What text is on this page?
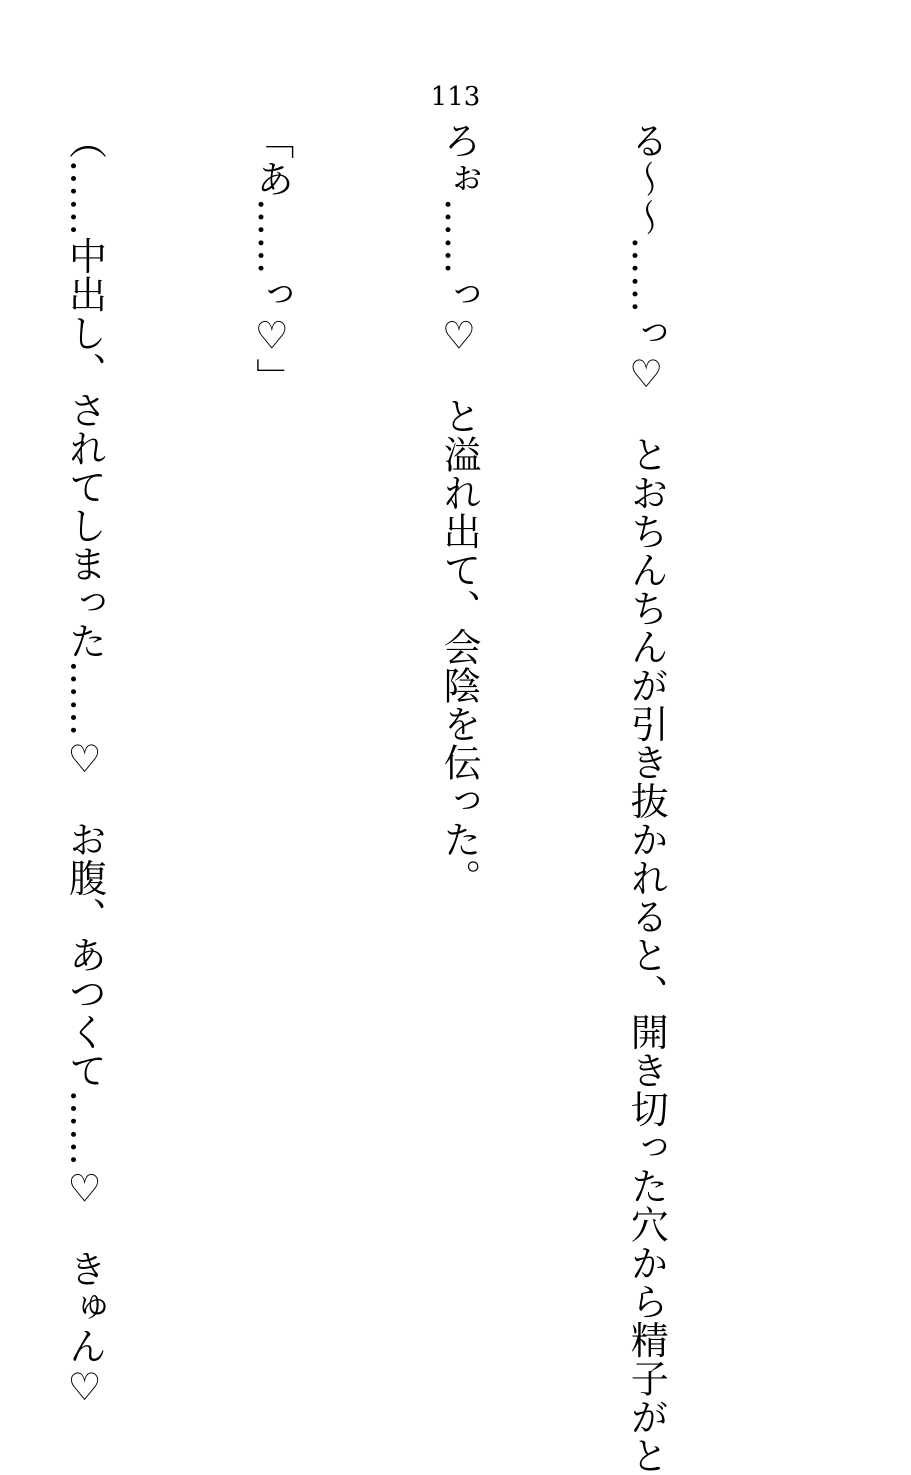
113

る〜〜……っ♡　とおちんちんが引き抜かれると、開き切った穴から精子がと

ろぉ……っ♡　と溢れ出て、会陰を伝った。

「あ……っ♡」

（……中出し、されてしまった……♡　お腹、あつくて……♡　きゅん♡
